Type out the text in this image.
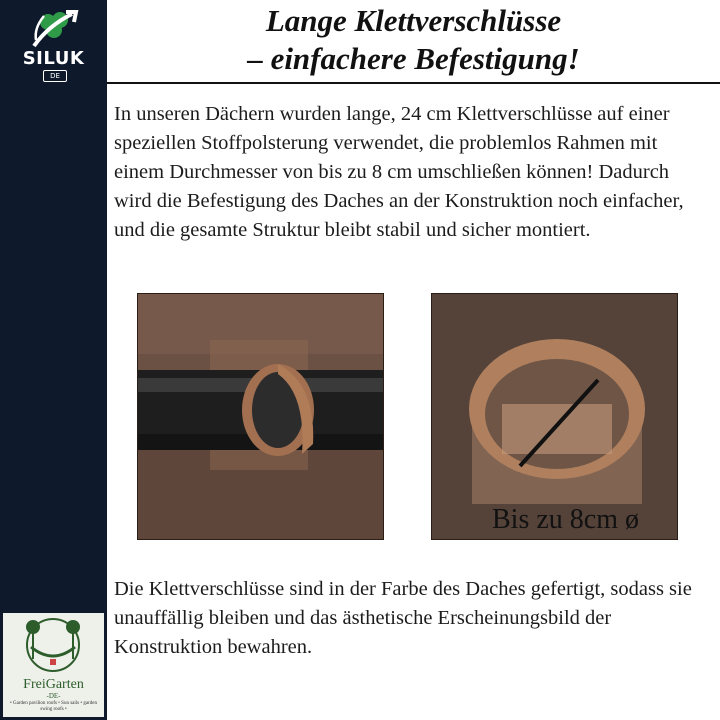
SILUK
DE
Lange Klettverschlüsse
– einfachere Befestigung!
In unseren Dächern wurden lange, 24 cm Klettverschlüsse auf einer speziellen Stoffpolsterung verwendet, die problemlos Rahmen mit einem Durchmesser von bis zu 8 cm umschließen können! Dadurch wird die Befestigung des Daches an der Konstruktion noch einfacher, und die gesamte Struktur bleibt stabil und sicher montiert.
Bis zu 8cm ø
Die Klettverschlüsse sind in der Farbe des Daches gefertigt, sodass sie unauffällig bleiben und das ästhetische Erscheinungsbild der Konstruktion bewahren.
FreiGarten
-DE-
• Garden pavilion roofs • Sun sails • garden swing roofs •
